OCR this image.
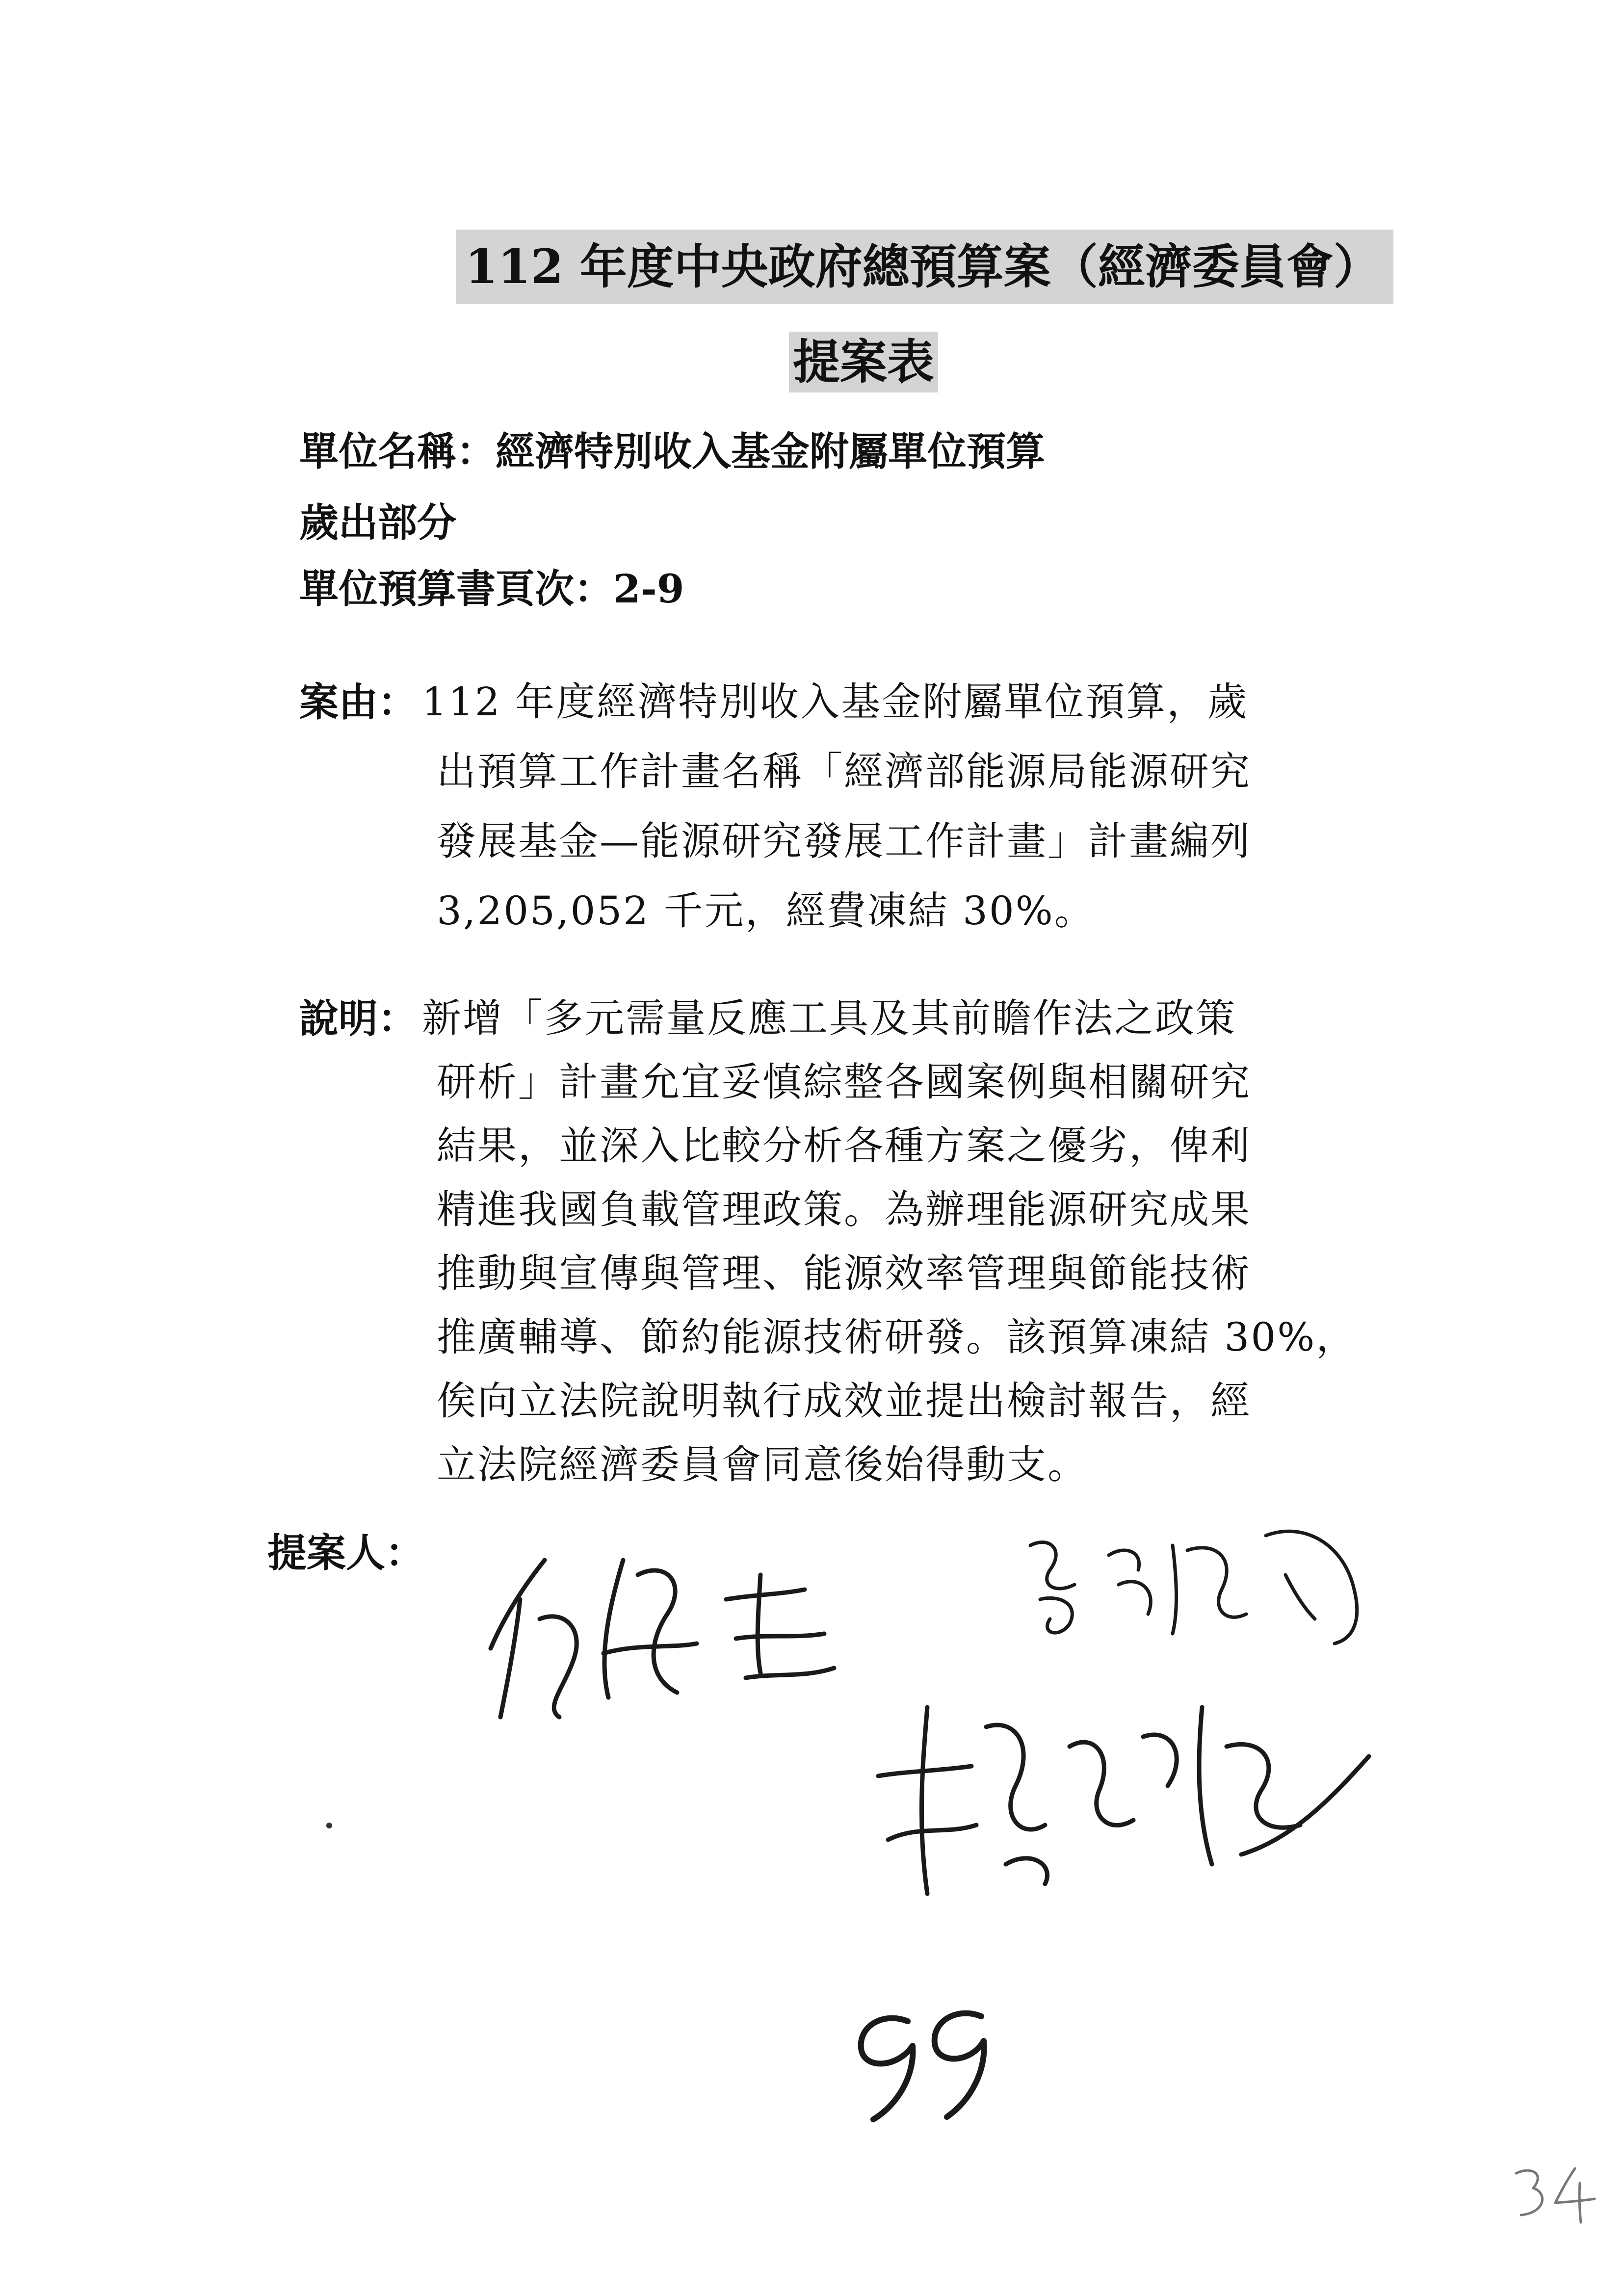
112 年度中央政府總預算案（經濟委員會）
提案表
單位名稱：經濟特別收入基金附屬單位預算
歲出部分
單位預算書頁次：2-9
案由： 112 年度經濟特別收入基金附屬單位預算，歲
出預算工作計畫名稱「經濟部能源局能源研究
發展基金—能源研究發展工作計畫」計畫編列
3,205,052 千元，經費凍結 30%。
說明： 新增「多元需量反應工具及其前瞻作法之政策
研析」計畫允宜妥慎綜整各國案例與相關研究
結果，並深入比較分析各種方案之優劣，俾利
精進我國負載管理政策。為辦理能源研究成果
推動與宣傳與管理、能源效率管理與節能技術
推廣輔導、節約能源技術研發。該預算凍結 30%，
俟向立法院說明執行成效並提出檢討報告，經
立法院經濟委員會同意後始得動支。
提案人：
